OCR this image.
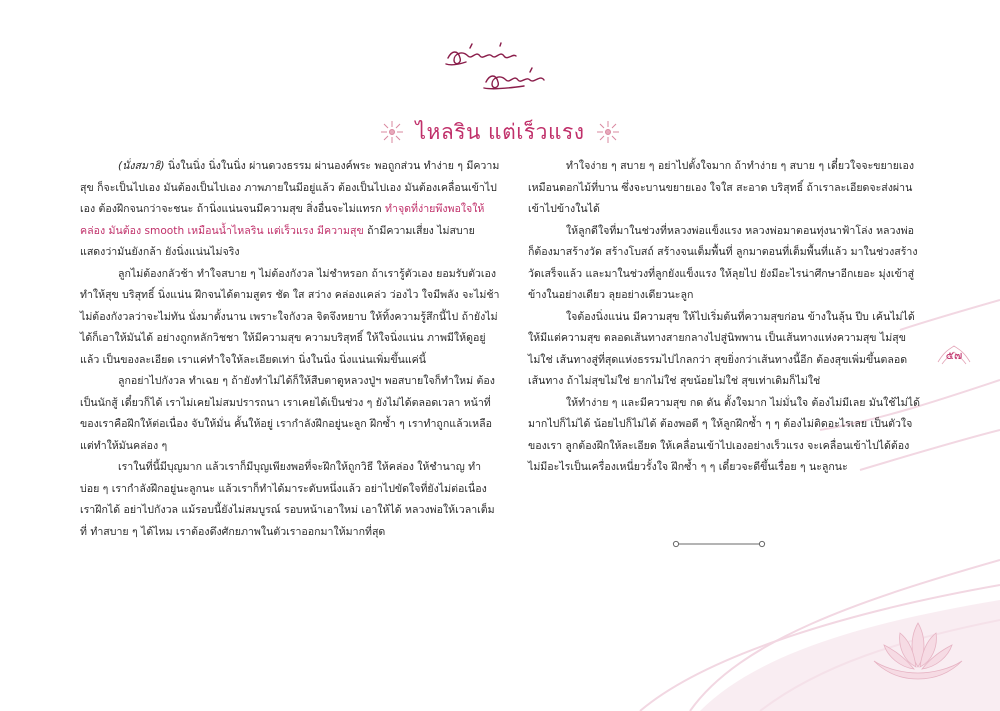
ไหลริน แต่เร็วแรง

(นั่งสมาธิ) นิ่งในนิ่ง นิ่งในนิ่ง ผ่านดวงธรรม ผ่านองค์พระ พอถูกส่วน ทำง่าย ๆ มีความสุข ก็จะเป็นไปเอง มันต้องเป็นไปเอง ภาพภายในมีอยู่แล้ว ต้องเป็นไปเอง มันต้องเคลื่อนเข้าไปเอง ต้องฝึกจนกว่าจะชนะ ถ้านิ่งแน่นจนมีความสุข สิ่งอื่นจะไม่แทรก ทำจุดที่ง่ายพึงพอใจให้คล่อง มันต้อง smooth เหมือนน้ำไหลริน แต่เร็วแรง มีความสุข ถ้ามีความเสี่ยง ไม่สบาย แสดงว่ามันยังกล้า ยังนิ่งแน่นไม่จริง

ลูกไม่ต้องกลัวช้า ทำใจสบาย ๆ ไม่ต้องกังวล ไม่ชำหรอก ถ้าเรารู้ตัวเอง ยอมรับตัวเอง ทำให้สุข บริสุทธิ์ นิ่งแน่น ฝึกจนได้ตามสูตร ชัด ใส สว่าง คล่องแคล่ว ว่องไว ใจมีพลัง จะไม่ช้า ไม่ต้องกังวลว่าจะไม่ทัน นั่งมาตั้งนาน เพราะใจกังวล จิตจึงหยาบ ให้ทิ้งความรู้สึกนี้ไป ถ้ายังไม่ได้ก็เอาให้มันได้ อย่างถูกหลักวิชชา ให้มีความสุข ความบริสุทธิ์ ให้ใจนิ่งแน่น ภาพมีให้ดูอยู่แล้ว เป็นของละเอียด เราแค่ทำใจให้ละเอียดเท่า นิ่งในนิ่ง นิ่งแน่นเพิ่มขึ้นแค่นี้

ลูกอย่าไปกังวล ทำเฉย ๆ ถ้ายังทำไม่ได้ก็ให้สืบตาดูหลวงปู่ฯ พอสบายใจก็ทำใหม่ ต้องเป็นนักสู้ เดี๋ยวก็ได้ เราไม่เคยไม่สมปรารถนา เราเคยได้เป็นช่วง ๆ ยังไม่ได้ตลอดเวลา หน้าที่ของเราคือฝึกให้ต่อเนื่อง จับให้มั่น คั้นให้อยู่ เรากำลังฝึกอยู่นะลูก ฝึกซ้ำ ๆ เราทำถูกแล้วเหลือแต่ทำให้มันคล่อง ๆ

เราในที่นี้มีบุญมาก แล้วเราก็มีบุญเพียงพอที่จะฝึกให้ถูกวิธี ให้คล่อง ให้ชำนาญ ทำบ่อย ๆ เรากำลังฝึกอยู่นะลูกนะ แล้วเราก็ทำได้มาระดับหนึ่งแล้ว อย่าไปขัดใจที่ยังไม่ต่อเนื่อง เราฝึกได้ อย่าไปกังวล แม้รอบนี้ยังไม่สมบูรณ์ รอบหน้าเอาใหม่ เอาให้ได้ หลวงพ่อให้เวลาเต็มที่ ทำสบาย ๆ ได้ไหม เราต้องดึงศักยภาพในตัวเราออกมาให้มากที่สุด

ทำใจง่าย ๆ สบาย ๆ อย่าไปตั้งใจมาก ถ้าทำง่าย ๆ สบาย ๆ เดี๋ยวใจจะขยายเอง เหมือนดอกไม้ที่บาน ซึ่งจะบานขยายเอง ใจใส สะอาด บริสุทธิ์ ถ้าเราละเอียดจะส่งผ่านเข้าไปข้างในได้

ให้ลูกดีใจที่มาในช่วงที่หลวงพ่อแข็งแรง หลวงพ่อมาตอนทุ่งนาฟ้าโล่ง หลวงพ่อก็ต้องมาสร้างวัด สร้างโบสถ์ สร้างจนเต็มพื้นที่ ลูกมาตอนที่เต็มพื้นที่แล้ว มาในช่วงสร้างวัดเสร็จแล้ว และมาในช่วงที่ลูกยังแข็งแรง ให้ลุยไป ยังมีอะไรน่าศึกษาอีกเยอะ มุ่งเข้าสู่ข้างในอย่างเดียว ลุยอย่างเดียวนะลูก

ใจต้องนิ่งแน่น มีความสุข ให้ไปเริ่มต้นที่ความสุขก่อน ข้างในลุ้น ปีบ เค้นไม่ได้ ให้มีแต่ความสุข ตลอดเส้นทางสายกลางไปสู่นิพพาน เป็นเส้นทางแห่งความสุข ไม่สุขไม่ใช่ เส้นทางสู่ที่สุดแห่งธรรมไปไกลกว่า สุขยิ่งกว่าเส้นทางนี้อีก ต้องสุขเพิ่มขึ้นตลอดเส้นทาง ถ้าไม่สุขไม่ใช่ ยากไม่ใช่ สุขน้อยไม่ใช่ สุขเท่าเดิมก็ไม่ใช่

ให้ทำง่าย ๆ และมีความสุข กด ดัน ตั้งใจมาก ไม่มั่นใจ ต้องไม่มีเลย มันใช้ไม่ได้ มากไปก็ไม่ได้ น้อยไปก็ไม่ได้ ต้องพอดี ๆ ให้ลูกฝึกซ้ำ ๆ ๆ ต้องไม่ติดอะไรเลย เป็นตัวใจของเรา ลูกต้องฝึกให้ละเอียด ให้เคลื่อนเข้าไปเองอย่างเร็วแรง จะเคลื่อนเข้าไปได้ต้องไม่มีอะไรเป็นเครื่องเหนี่ยวรั้งใจ ฝึกซ้ำ ๆ ๆ เดี๋ยวจะดีขึ้นเรื่อย ๆ นะลูกนะ

๕๗
